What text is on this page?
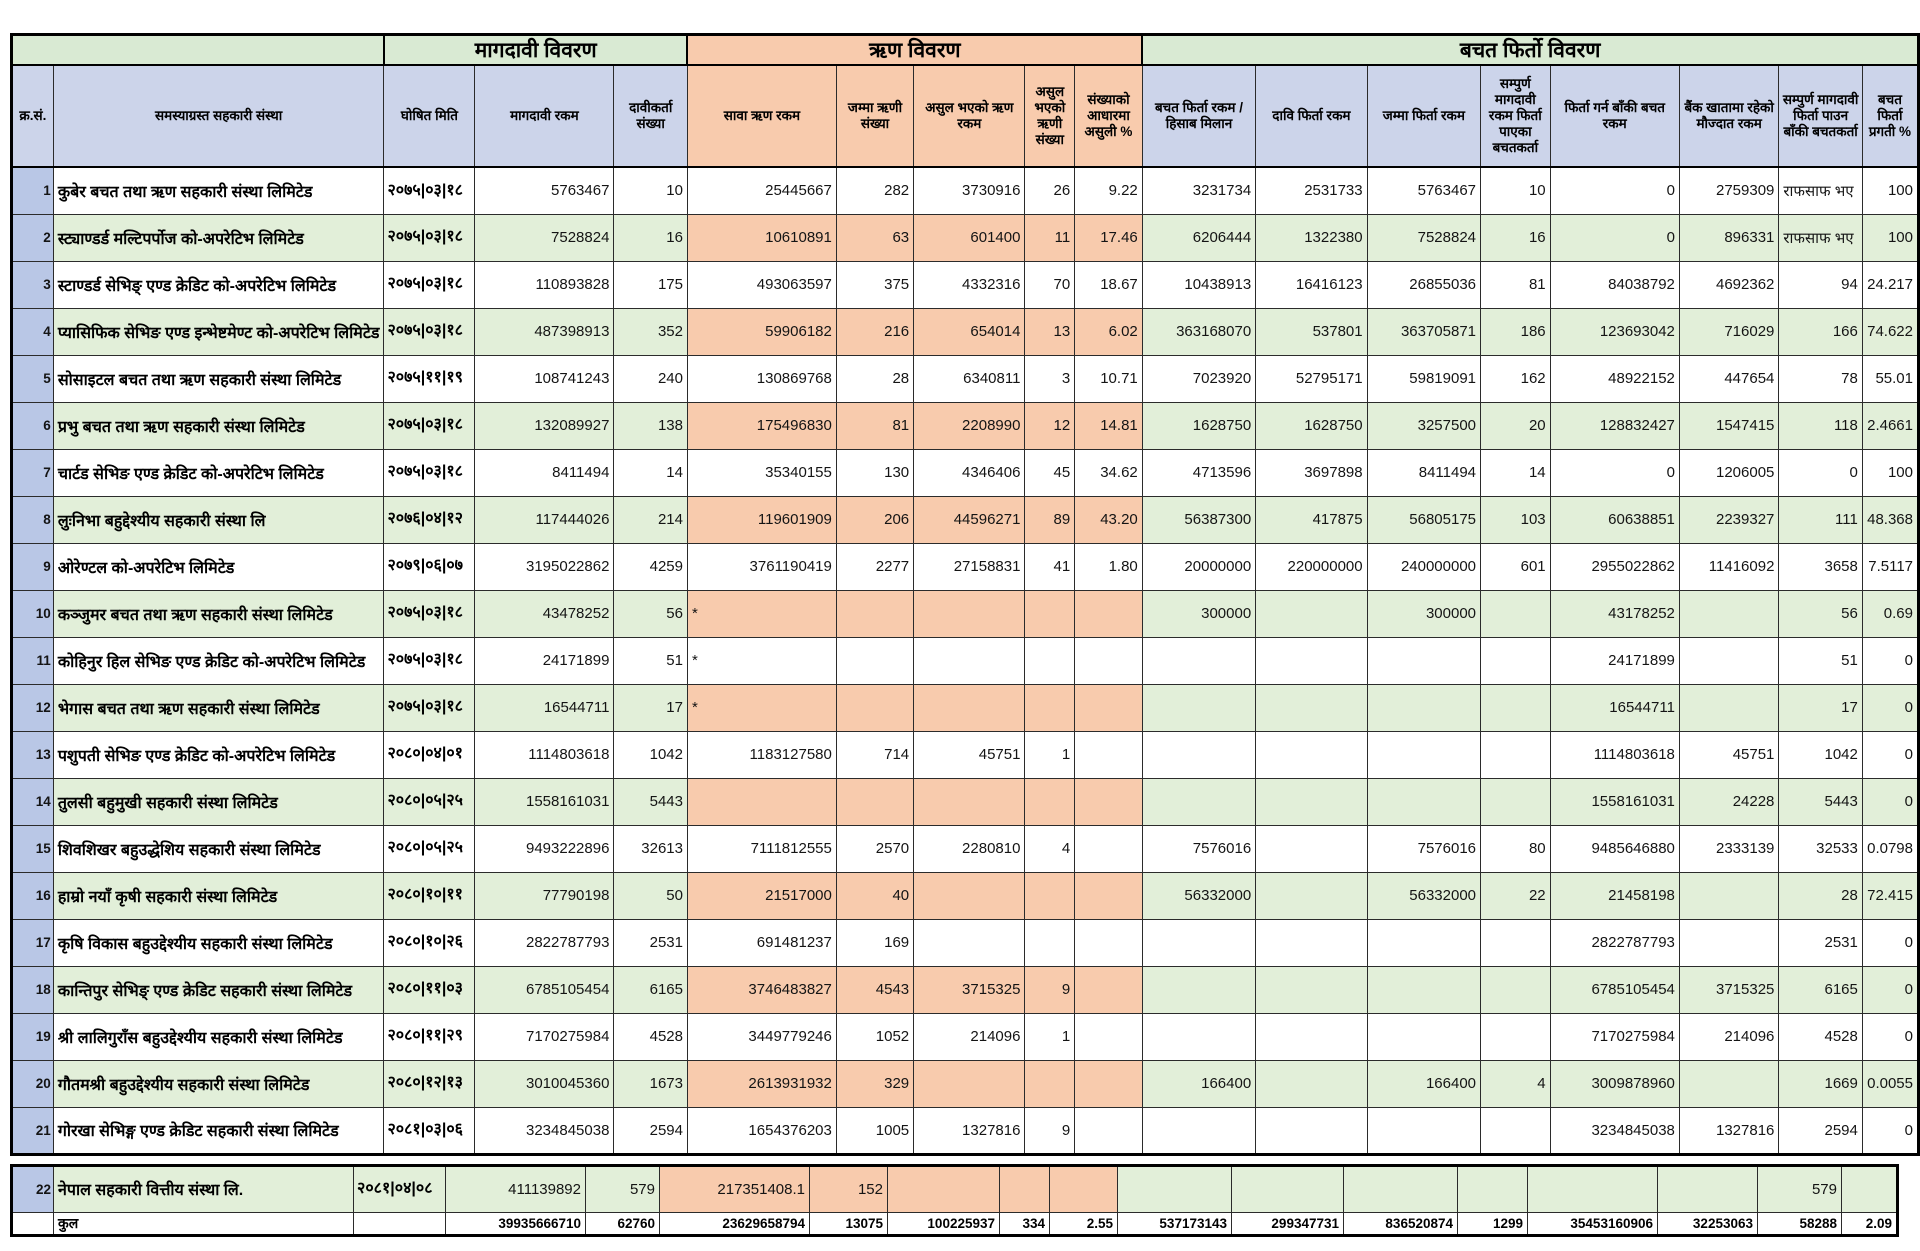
		मागदावी विवरण			ऋण विवरण					बचत फिर्तो विवरण							
क्र.सं.	समस्याग्रस्त सहकारी संस्था	घोषित मिति	मागदावी रकम	दावीकर्ता संख्या	सावा ऋण रकम	जम्मा ऋणी संख्या	असुल भएको ऋण रकम	असुल भएको ऋणी संख्या	संख्याको आधारमा असुली %	बचत फिर्ता रकम / हिसाब मिलान	दावि फिर्ता रकम	जम्मा फिर्ता रकम	सम्पुर्ण मागदावी रकम फिर्ता पाएका बचतकर्ता	फिर्ता गर्न बाँकी बचत रकम	बैंक खातामा रहेको मौज्दात रकम	सम्पुर्ण मागदावी फिर्ता पाउन बाँकी बचतकर्ता	बचत फिर्ता प्रगती %
1	कुबेर बचत तथा ऋण सहकारी संस्था लिमिटेड	२०७५|०३|१८	5763467	10	25445667	282	3730916	26	9.22	3231734	2531733	5763467	10	0	2759309	राफसाफ भए	100
2	स्ट्याण्डर्ड मल्टिपर्पोज को-अपरेटिभ लिमिटेड	२०७५|०३|१८	7528824	16	10610891	63	601400	11	17.46	6206444	1322380	7528824	16	0	896331	राफसाफ भए	100
3	स्टाण्डर्ड सेभिङ् एण्ड क्रेडिट को-अपरेटिभ लिमिटेड	२०७५|०३|१८	110893828	175	493063597	375	4332316	70	18.67	10438913	16416123	26855036	81	84038792	4692362	94	24.217
4	प्यासिफिक सेभिङ एण्ड इन्भेष्टमेण्ट को-अपरेटिभ लिमिटेड	२०७५|०३|१८	487398913	352	59906182	216	654014	13	6.02	363168070	537801	363705871	186	123693042	716029	166	74.622
5	सोसाइटल बचत तथा ऋण सहकारी संस्था लिमिटेड	२०७५|११|१९	108741243	240	130869768	28	6340811	3	10.71	7023920	52795171	59819091	162	48922152	447654	78	55.01
6	प्रभु बचत तथा ऋण सहकारी संस्था लिमिटेड	२०७५|०३|१८	132089927	138	175496830	81	2208990	12	14.81	1628750	1628750	3257500	20	128832427	1547415	118	2.4661
7	चार्टड सेभिङ एण्ड क्रेडिट को-अपरेटिभ लिमिटेड	२०७५|०३|१८	8411494	14	35340155	130	4346406	45	34.62	4713596	3697898	8411494	14	0	1206005	0	100
8	लुःनिभा बहुद्देश्यीय सहकारी संस्था लि	२०७६|०४|१२	117444026	214	119601909	206	44596271	89	43.20	56387300	417875	56805175	103	60638851	2239327	111	48.368
9	ओरेण्टल को-अपरेटिभ लिमिटेड	२०७९|०६|०७	3195022862	4259	3761190419	2277	27158831	41	1.80	20000000	220000000	240000000	601	2955022862	11416092	3658	7.5117
10	कञ्जुमर बचत तथा ऋण सहकारी संस्था लिमिटेड	२०७५|०३|१८	43478252	56	*					300000		300000		43178252		56	0.69
11	कोहिनुर हिल सेभिङ एण्ड क्रेडिट को-अपरेटिभ लिमिटेड	२०७५|०३|१८	24171899	51	*									24171899		51	0
12	भेगास बचत तथा ऋण सहकारी संस्था लिमिटेड	२०७५|०३|१८	16544711	17	*									16544711		17	0
13	पशुपती सेभिङ एण्ड क्रेडिट को-अपरेटिभ लिमिटेड	२०८०|०४|०१	1114803618	1042	1183127580	714	45751	1						1114803618	45751	1042	0
14	तुलसी बहुमुखी सहकारी संस्था लिमिटेड	२०८०|०५|२५	1558161031	5443										1558161031	24228	5443	0
15	शिवशिखर बहुउद्धेशिय सहकारी संस्था लिमिटेड	२०८०|०५|२५	9493222896	32613	7111812555	2570	2280810	4		7576016		7576016	80	9485646880	2333139	32533	0.0798
16	हाम्रो नयाँ कृषी सहकारी संस्था लिमिटेड	२०८०|१०|११	77790198	50	21517000	40				56332000		56332000	22	21458198		28	72.415
17	कृषि विकास बहुउद्देश्यीय सहकारी संस्था लिमिटेड	२०८०|१०|२६	2822787793	2531	691481237	169								2822787793		2531	0
18	कान्तिपुर सेभिङ् एण्ड क्रेडिट सहकारी संस्था लिमिटेड	२०८०|११|०३	6785105454	6165	3746483827	4543	3715325	9						6785105454	3715325	6165	0
19	श्री लालिगुराँस बहुउद्देश्यीय सहकारी संस्था लिमिटेड	२०८०|११|२९	7170275984	4528	3449779246	1052	214096	1						7170275984	214096	4528	0
20	गौतमश्री बहुउद्देश्यीय सहकारी संस्था लिमिटेड	२०८०|१२|१३	3010045360	1673	2613931932	329				166400		166400	4	3009878960		1669	0.0055
21	गोरखा सेभिङ्ग एण्ड क्रेडिट सहकारी संस्था लिमिटेड	२०८१|०३|०६	3234845038	2594	1654376203	1005	1327816	9						3234845038	1327816	2594	0
22	नेपाल सहकारी वित्तीय संस्था लि.	२०८१|०४|०८	411139892	579	217351408.1	152										579	
	कुल		39935666710	62760	23629658794	13075	100225937	334	2.55	537173143	299347731	836520874	1299	35453160906	32253063	58288	2.09
